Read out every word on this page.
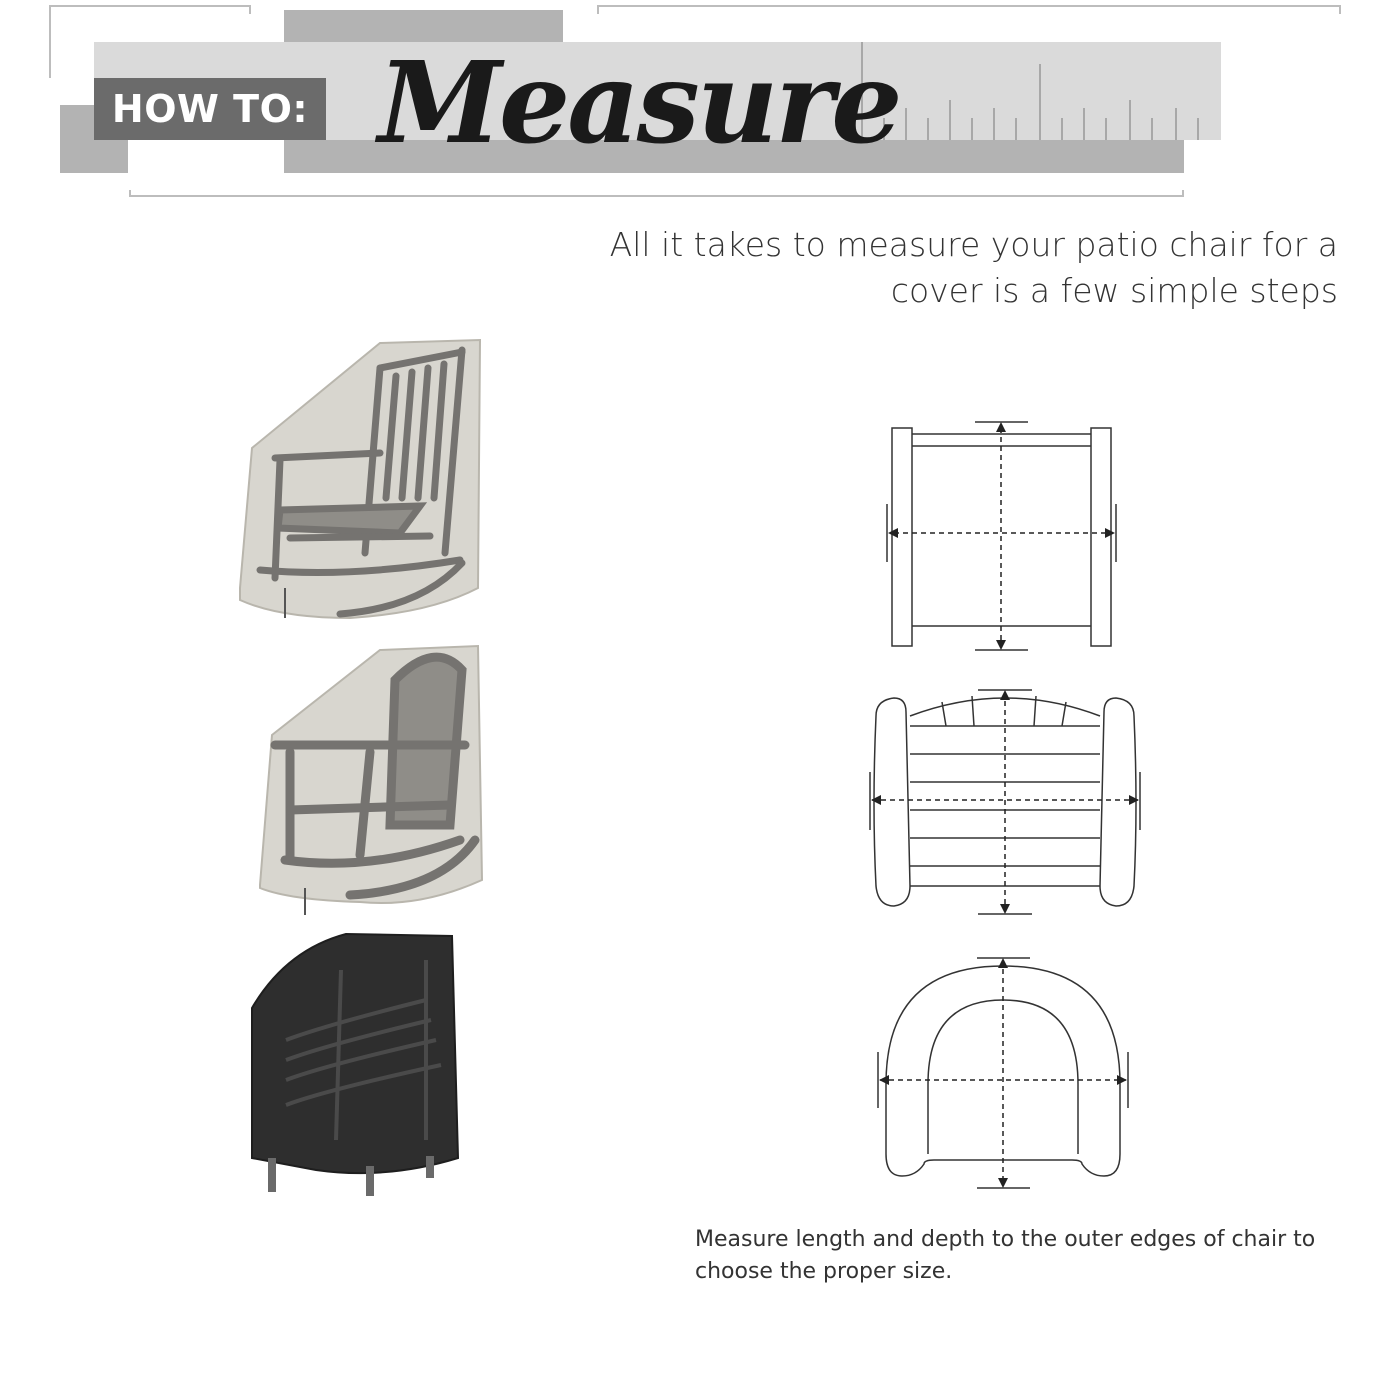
HOW TO: Measure
All it takes to measure your patio chair for a cover is a few simple steps
Measure length and depth to the outer edges of chair to choose the proper size.
